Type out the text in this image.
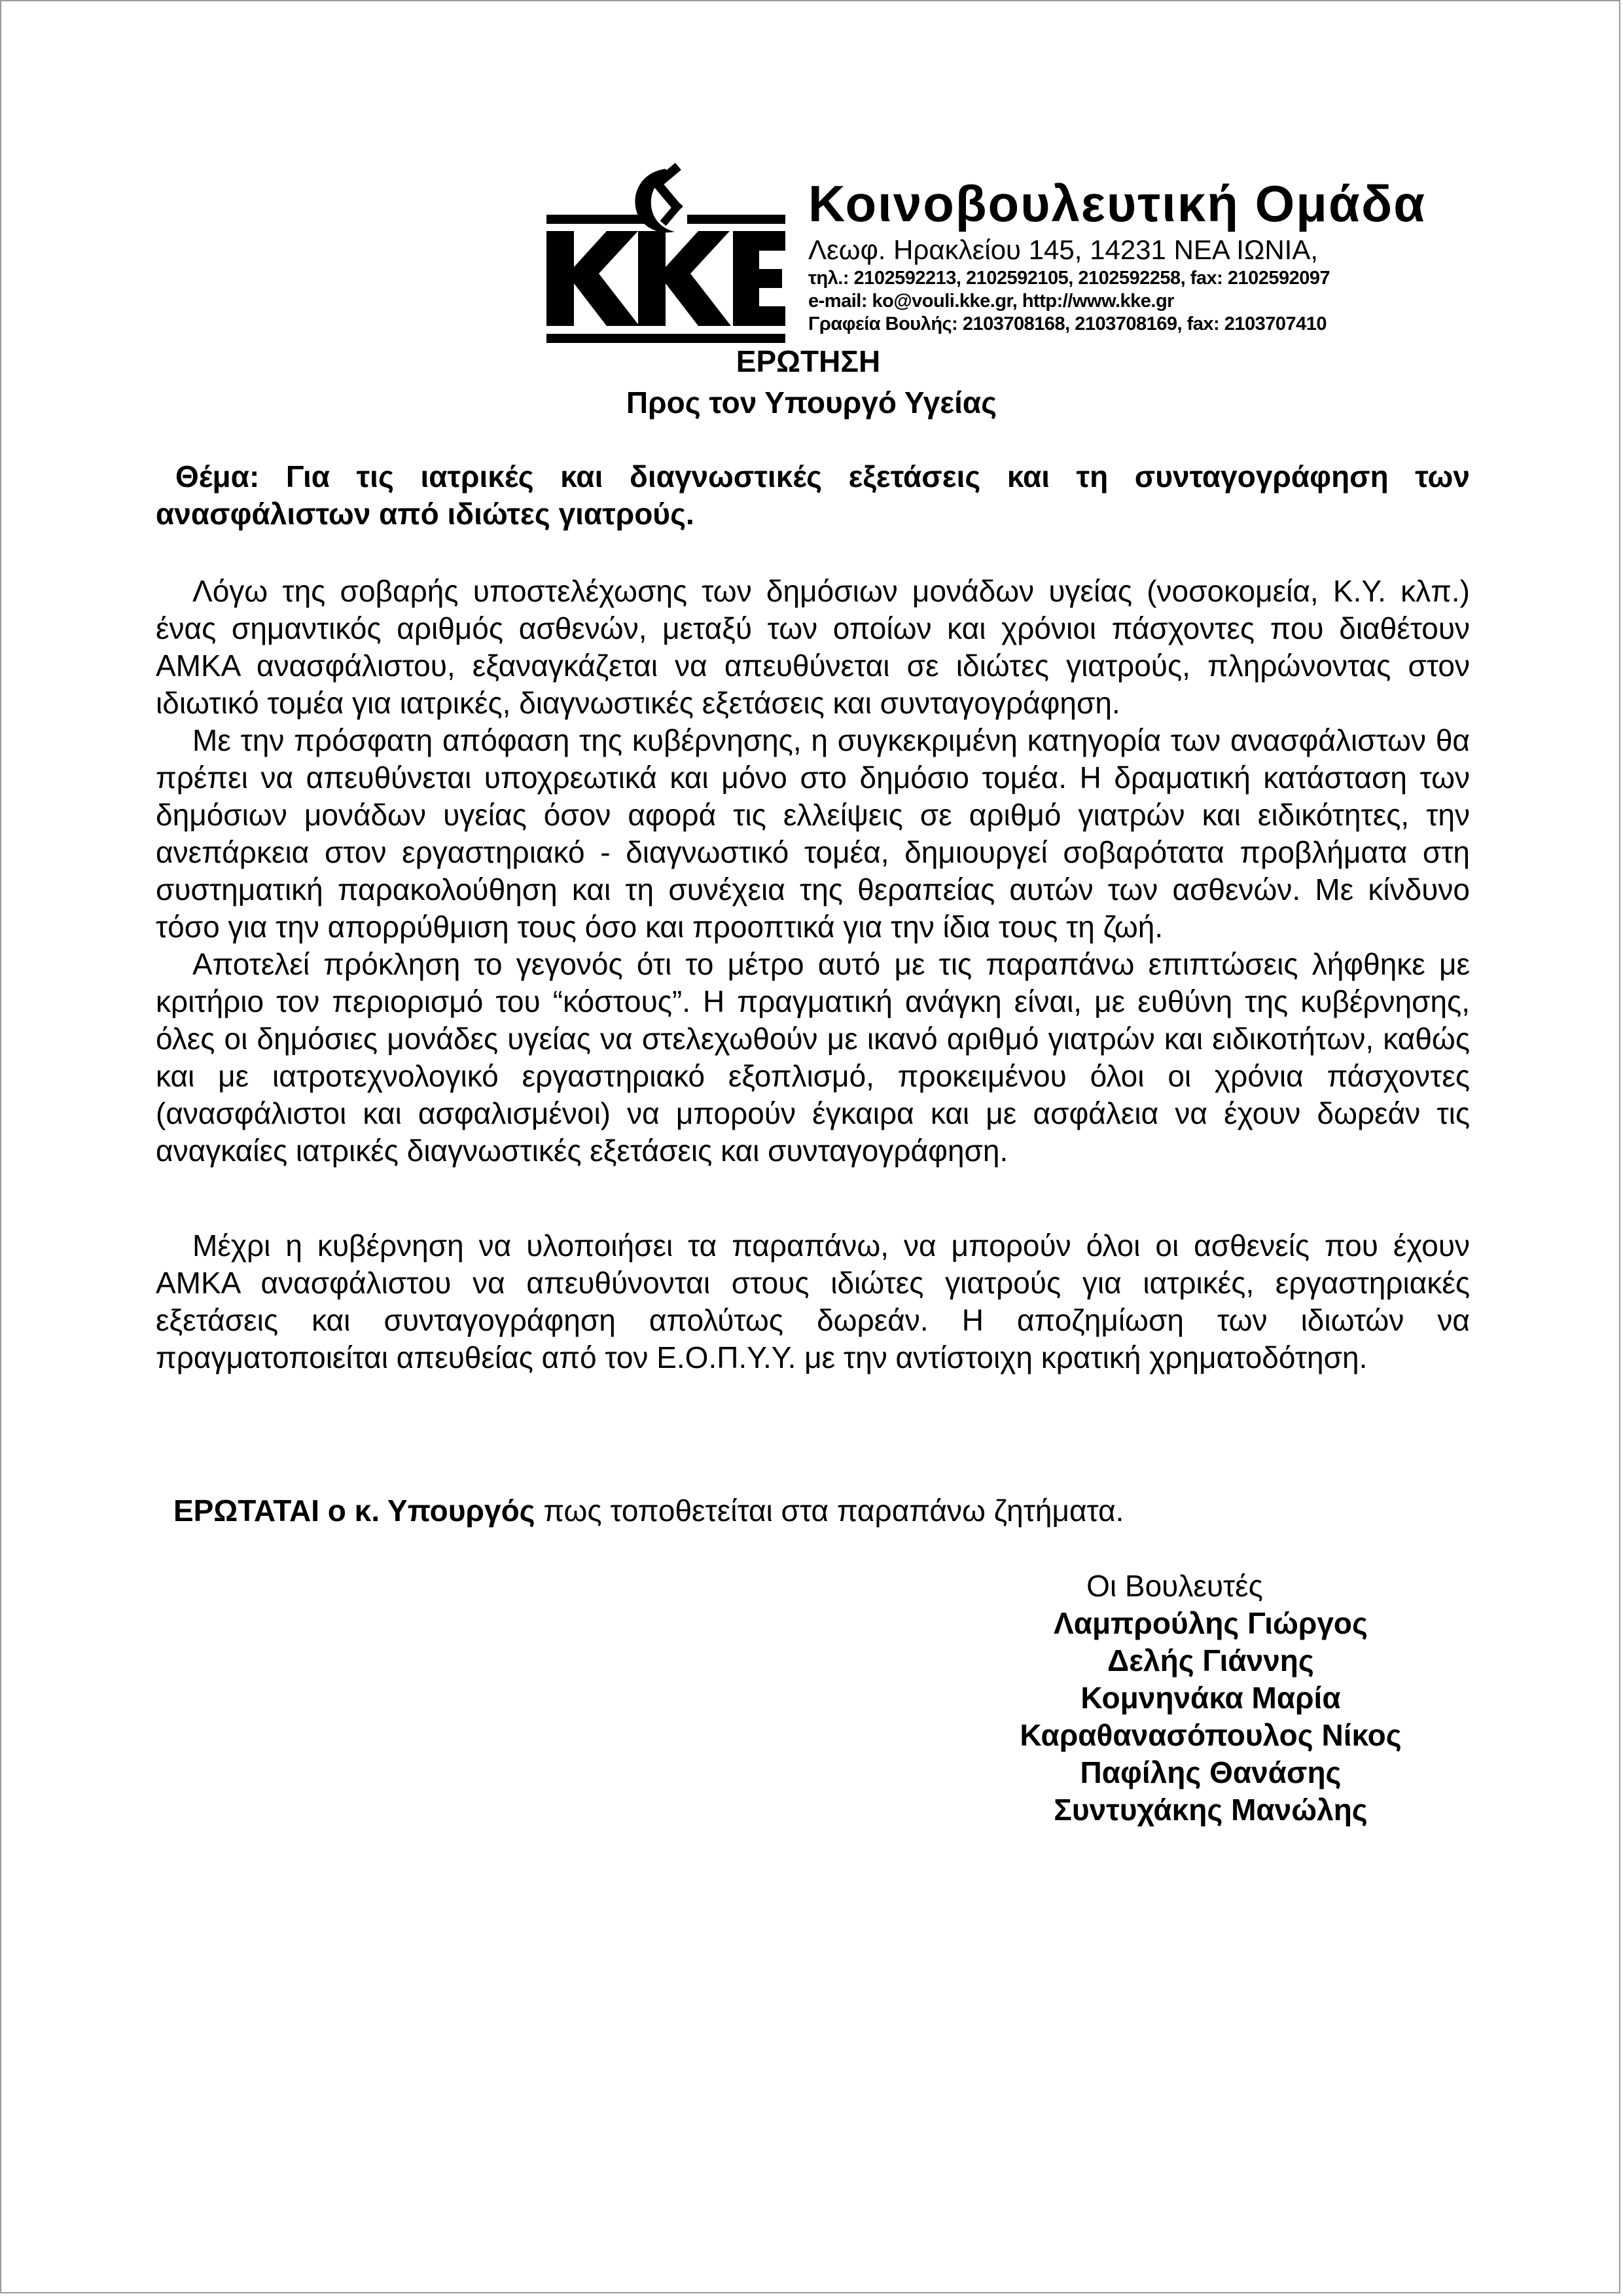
Κοινοβουλευτική Ομάδα
Λεωφ. Ηρακλείου 145, 14231 ΝΕΑ ΙΩΝΙΑ,
τηλ.: 2102592213, 2102592105, 2102592258, fax: 2102592097
e-mail: ko@vouli.kke.gr, http://www.kke.gr
Γραφεία Βουλής: 2103708168, 2103708169, fax: 2103707410
ΕΡΩΤΗΣΗ
Προς τον Υπουργό Υγείας
Θέμα: Για τις ιατρικές και διαγνωστικές εξετάσεις και τη συνταγογράφηση των ανασφάλιστων από ιδιώτες γιατρούς.

Λόγω της σοβαρής υποστελέχωσης των δημόσιων μονάδων υγείας (νοσοκομεία, Κ.Υ. κλπ.) ένας σημαντικός αριθμός ασθενών, μεταξύ των οποίων και χρόνιοι πάσχοντες που διαθέτουν ΑΜΚΑ ανασφάλιστου, εξαναγκάζεται να απευθύνεται σε ιδιώτες γιατρούς, πληρώνοντας στον ιδιωτικό τομέα για ιατρικές, διαγνωστικές εξετάσεις και συνταγογράφηση.

Με την πρόσφατη απόφαση της κυβέρνησης, η συγκεκριμένη κατηγορία των ανασφάλιστων θα πρέπει να απευθύνεται υποχρεωτικά και μόνο στο δημόσιο τομέα. Η δραματική κατάσταση των δημόσιων μονάδων υγείας όσον αφορά τις ελλείψεις σε αριθμό γιατρών και ειδικότητες, την ανεπάρκεια στον εργαστηριακό - διαγνωστικό τομέα, δημιουργεί σοβαρότατα προβλήματα στη συστηματική παρακολούθηση και τη συνέχεια της θεραπείας αυτών των ασθενών. Με κίνδυνο τόσο για την απορρύθμιση τους όσο και προοπτικά για την ίδια τους τη ζωή.

Αποτελεί πρόκληση το γεγονός ότι το μέτρο αυτό με τις παραπάνω επιπτώσεις λήφθηκε με κριτήριο τον περιορισμό του “κόστους”. Η πραγματική ανάγκη είναι, με ευθύνη της κυβέρνησης, όλες οι δημόσιες μονάδες υγείας να στελεχωθούν με ικανό αριθμό γιατρών και ειδικοτήτων, καθώς και με ιατροτεχνολογικό εργαστηριακό εξοπλισμό, προκειμένου όλοι οι χρόνια πάσχοντες (ανασφάλιστοι και ασφαλισμένοι) να μπορούν έγκαιρα και με ασφάλεια να έχουν δωρεάν τις αναγκαίες ιατρικές διαγνωστικές εξετάσεις και συνταγογράφηση.

Μέχρι η κυβέρνηση να υλοποιήσει τα παραπάνω, να μπορούν όλοι οι ασθενείς που έχουν ΑΜΚΑ ανασφάλιστου να απευθύνονται στους ιδιώτες γιατρούς για ιατρικές, εργαστηριακές εξετάσεις και συνταγογράφηση απολύτως δωρεάν. Η αποζημίωση των ιδιωτών να πραγματοποιείται απευθείας από τον Ε.Ο.Π.Υ.Υ. με την αντίστοιχη κρατική χρηματοδότηση.

ΕΡΩΤΑΤΑΙ ο κ. Υπουργός πως τοποθετείται στα παραπάνω ζητήματα.
Οι Βουλευτές
Λαμπρούλης Γιώργος
Δελής Γιάννης
Κομνηνάκα Μαρία
Καραθανασόπουλος Νίκος
Παφίλης Θανάσης
Συντυχάκης Μανώλης
